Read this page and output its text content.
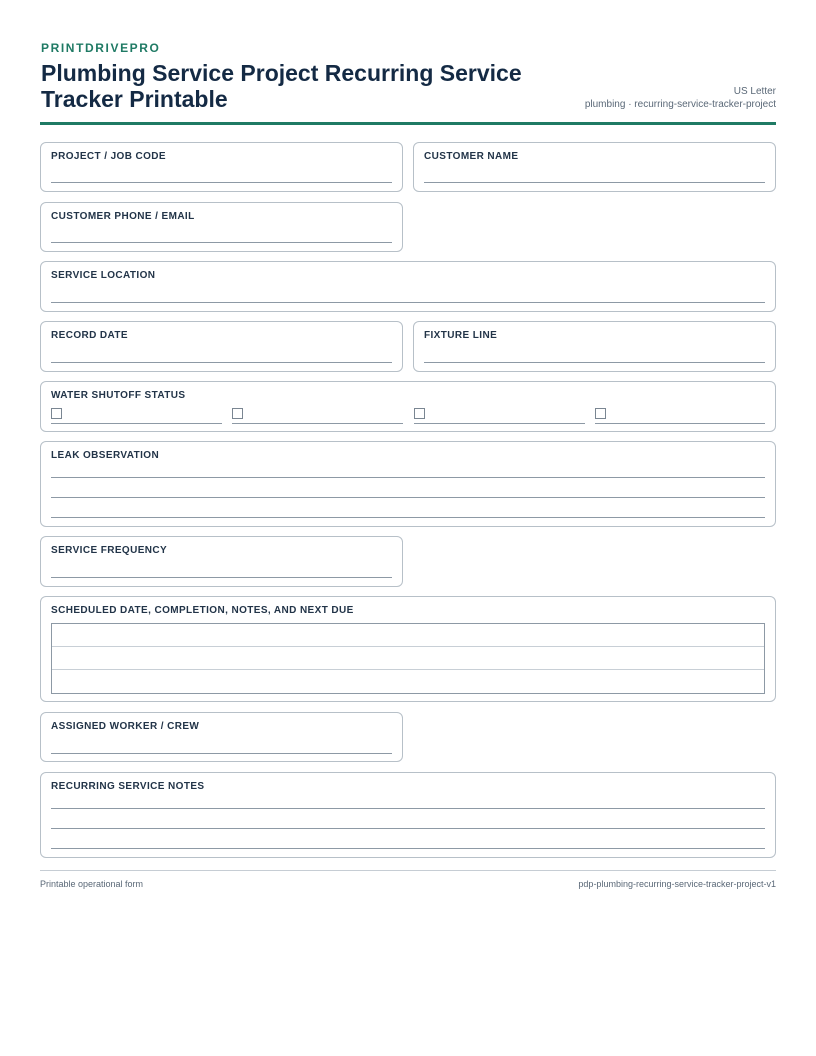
PRINTDRIVEPRO
Plumbing Service Project Recurring Service Tracker Printable	US Letter
plumbing · recurring-service-tracker-project
PROJECT / JOB CODE	CUSTOMER NAME
CUSTOMER PHONE / EMAIL
SERVICE LOCATION
RECORD DATE	FIXTURE LINE
WATER SHUTOFF STATUS
LEAK OBSERVATION
SERVICE FREQUENCY
SCHEDULED DATE, COMPLETION, NOTES, AND NEXT DUE
ASSIGNED WORKER / CREW
RECURRING SERVICE NOTES
Printable operational form	pdp-plumbing-recurring-service-tracker-project-v1
